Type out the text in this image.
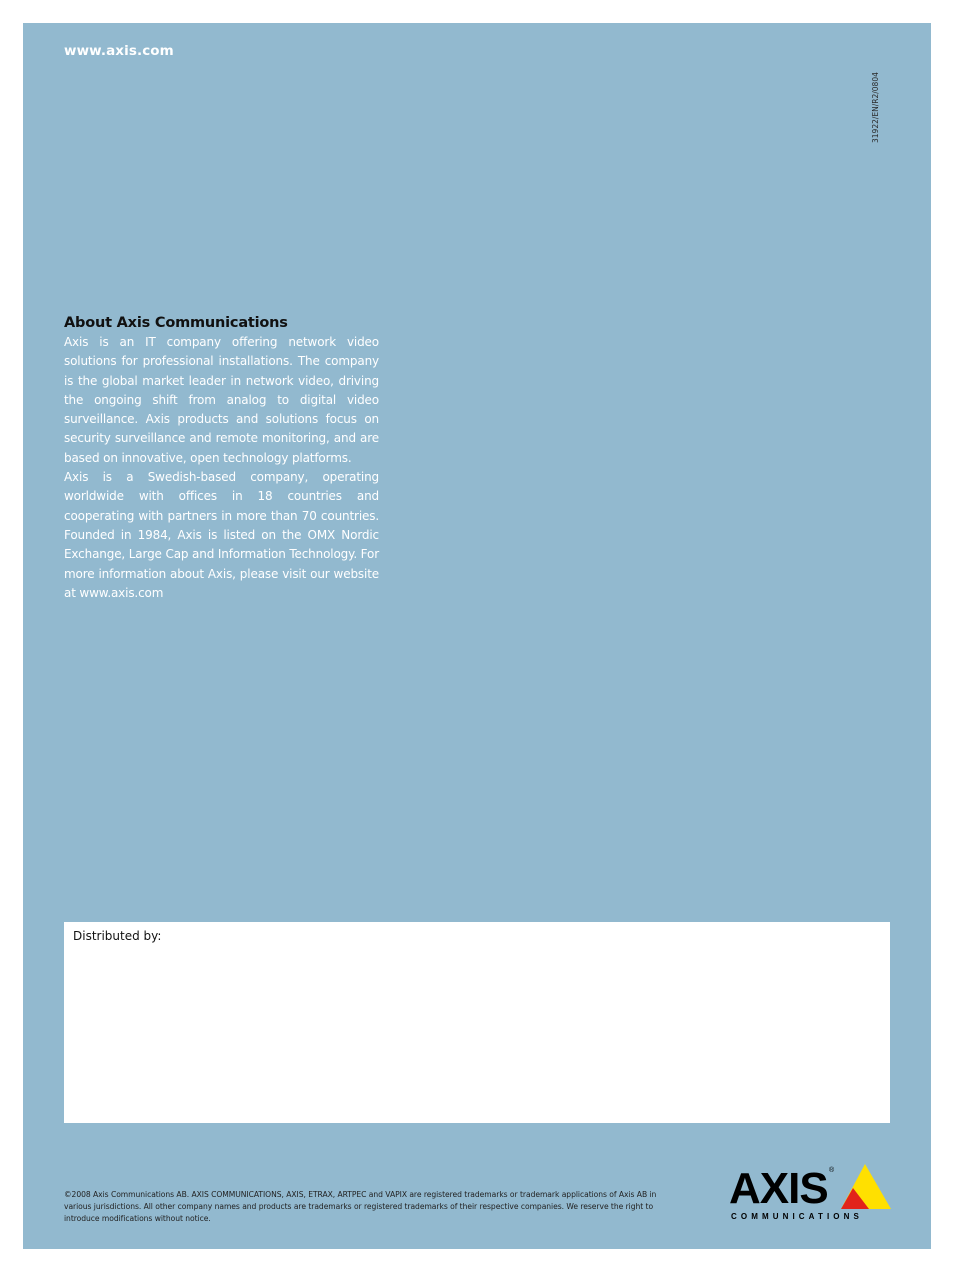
www.axis.com
31922/EN/R2/0804
About Axis Communications

Axis is an IT company offering network video solutions for professional installations. The company is the global market leader in network video, driving the ongoing shift from analog to digital video surveillance. Axis products and solutions focus on security surveillance and remote monitoring, and are based on innovative, open technology platforms.

Axis is a Swedish-based company, operating worldwide with offices in 18 countries and cooperating with partners in more than 70 countries. Founded in 1984, Axis is listed on the OMX Nordic Exchange, Large Cap and Information Technology. For more information about Axis, please visit our website at www.axis.com

Distributed by:
©2008 Axis Communications AB. AXIS COMMUNICATIONS, AXIS, ETRAX, ARTPEC and VAPIX are registered trademarks or trademark applications of Axis AB in various jurisdictions. All other company names and products are trademarks or registered trademarks of their respective companies. We reserve the right to introduce modifications without notice.
AXIS ®
COMMUNICATIONS
